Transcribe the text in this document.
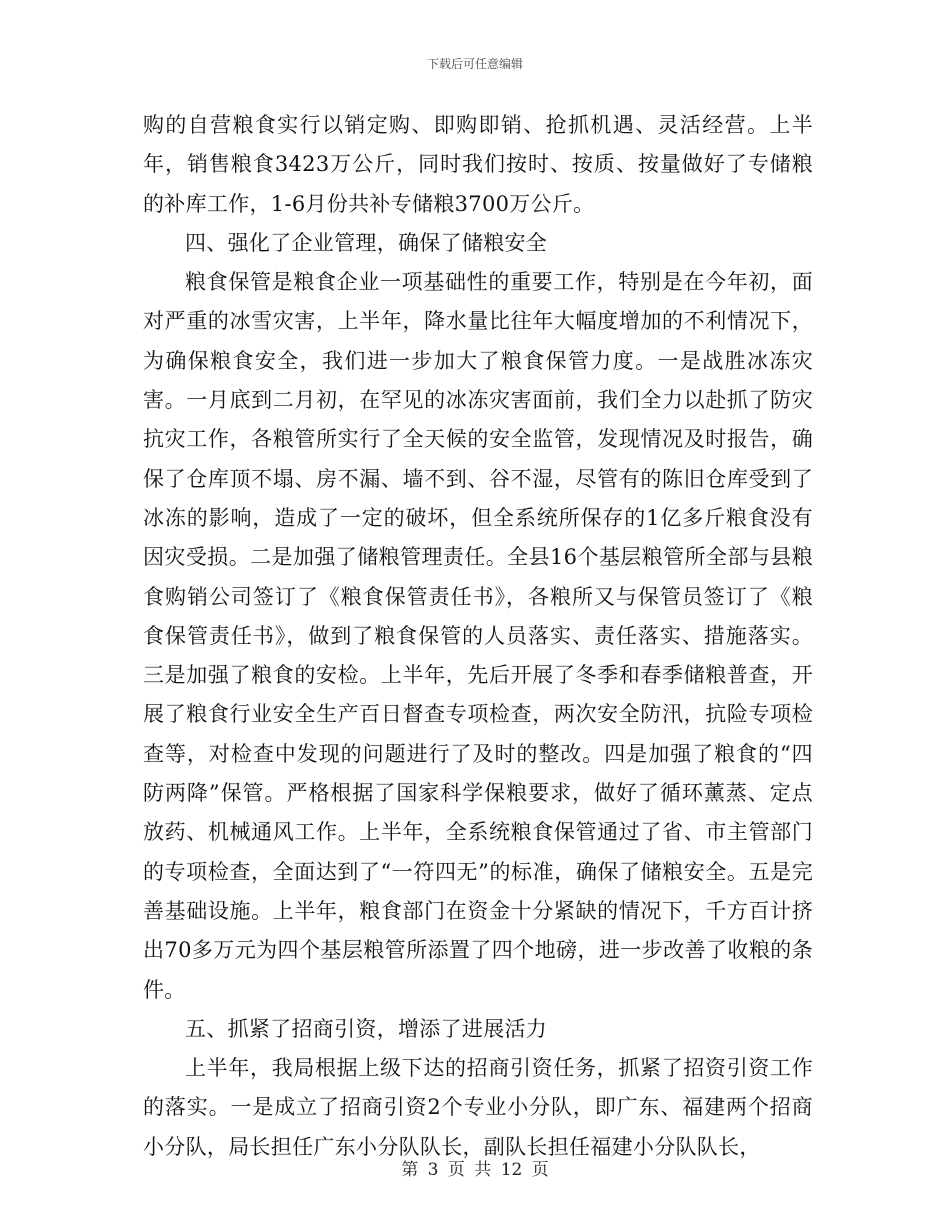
下载后可任意编辑

购的自营粮食实行以销定购、即购即销、抢抓机遇、灵活经营。上半年，销售粮食3423万公斤，同时我们按时、按质、按量做好了专储粮的补库工作，1-6月份共补专储粮3700万公斤。

四、强化了企业管理，确保了储粮安全

粮食保管是粮食企业一项基础性的重要工作，特别是在今年初，面对严重的冰雪灾害，上半年，降水量比往年大幅度增加的不利情况下，为确保粮食安全，我们进一步加大了粮食保管力度。一是战胜冰冻灾害。一月底到二月初，在罕见的冰冻灾害面前，我们全力以赴抓了防灾抗灾工作，各粮管所实行了全天候的安全监管，发现情况及时报告，确保了仓库顶不塌、房不漏、墙不到、谷不湿，尽管有的陈旧仓库受到了冰冻的影响，造成了一定的破坏，但全系统所保存的1亿多斤粮食没有因灾受损。二是加强了储粮管理责任。全县16个基层粮管所全部与县粮食购销公司签订了《粮食保管责任书》，各粮所又与保管员签订了《粮食保管责任书》，做到了粮食保管的人员落实、责任落实、措施落实。三是加强了粮食的安检。上半年，先后开展了冬季和春季储粮普查，开展了粮食行业安全生产百日督查专项检查，两次安全防汛，抗险专项检查等，对检查中发现的问题进行了及时的整改。四是加强了粮食的“四防两降”保管。严格根据了国家科学保粮要求，做好了循环薰蒸、定点放药、机械通风工作。上半年，全系统粮食保管通过了省、市主管部门的专项检查，全面达到了“一符四无”的标准，确保了储粮安全。五是完善基础设施。上半年，粮食部门在资金十分紧缺的情况下，千方百计挤出70多万元为四个基层粮管所添置了四个地磅，进一步改善了收粮的条件。

五、抓紧了招商引资，增添了进展活力

上半年，我局根据上级下达的招商引资任务，抓紧了招资引资工作的落实。一是成立了招商引资2个专业小分队，即广东、福建两个招商小分队，局长担任广东小分队队长，副队长担任福建小分队队长，

第 3 页 共 12 页
